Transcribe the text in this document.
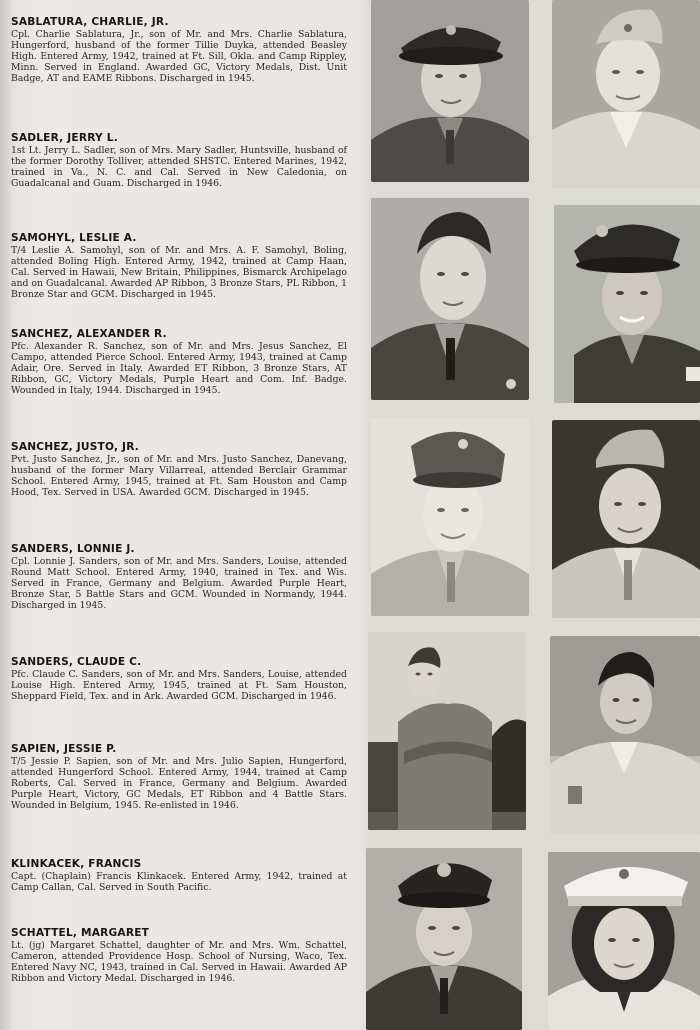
SABLATURA, CHARLIE, JR.

Cpl. Charlie Sablatura, Jr., son of Mr. and Mrs. Charlie Sablatura, Hungerford, husband of the former Tillie Duyka, attended Beasley High. Entered Army, 1942, trained at Ft. Sill, Okla. and Camp Rippley, Minn. Served in England. Awarded GC, Victory Medals, Dist. Unit Badge, AT and EAME Ribbons. Discharged in 1945.

SADLER, JERRY L.

1st Lt. Jerry L. Sadler, son of Mrs. Mary Sadler, Huntsville, husband of the former Dorothy Tolliver, attended SHSTC. Entered Marines, 1942, trained in Va., N. C. and Cal. Served in New Caledonia, on Guadalcanal and Guam. Discharged in 1946.

SAMOHYL, LESLIE A.

T/4 Leslie A. Samohyl, son of Mr. and Mrs. A. F. Samohyl, Boling, attended Boling High. Entered Army, 1942, trained at Camp Haan, Cal. Served in Hawaii, New Britain, Philippines, Bismarck Archipelago and on Guadalcanal. Awarded AP Ribbon, 3 Bronze Stars, PL Ribbon, 1 Bronze Star and GCM. Discharged in 1945.

SANCHEZ, ALEXANDER R.

Pfc. Alexander R. Sanchez, son of Mr. and Mrs. Jesus Sanchez, El Campo, attended Pierce School. Entered Army, 1943, trained at Camp Adair, Ore. Served in Italy. Awarded ET Ribbon, 3 Bronze Stars, AT Ribbon, GC, Victory Medals, Purple Heart and Com. Inf. Badge. Wounded in Italy, 1944. Discharged in 1945.

SANCHEZ, JUSTO, JR.

Pvt. Justo Sanchez, Jr., son of Mr. and Mrs. Justo Sanchez, Danevang, husband of the former Mary Villarreal, attended Berclair Grammar School. Entered Army, 1945, trained at Ft. Sam Houston and Camp Hood, Tex. Served in USA. Awarded GCM. Discharged in 1945.

SANDERS, LONNIE J.

Cpl. Lonnie J. Sanders, son of Mr. and Mrs. Sanders, Louise, attended Round Matt School. Entered Army, 1940, trained in Tex. and Wis. Served in France, Germany and Belgium. Awarded Purple Heart, Bronze Star, 5 Battle Stars and GCM. Wounded in Normandy, 1944. Discharged in 1945.

SANDERS, CLAUDE C.

Pfc. Claude C. Sanders, son of Mr. and Mrs. Sanders, Louise, attended Louise High. Entered Army, 1945, trained at Ft. Sam Houston, Sheppard Field, Tex. and in Ark. Awarded GCM. Discharged in 1946.

SAPIEN, JESSIE P.

T/5 Jessie P. Sapien, son of Mr. and Mrs. Julio Sapien, Hungerford, attended Hungerford School. Entered Army, 1944, trained at Camp Roberts, Cal. Served in France, Germany and Belgium. Awarded Purple Heart, Victory, GC Medals, ET Ribbon and 4 Battle Stars. Wounded in Belgium, 1945. Re-enlisted in 1946.

KLINKACEK, FRANCIS

Capt. (Chaplain) Francis Klinkacek. Entered Army, 1942, trained at Camp Callan, Cal. Served in South Pacific.

SCHATTEL, MARGARET

Lt. (jg) Margaret Schattel, daughter of Mr. and Mrs. Wm. Schattel, Cameron, attended Providence Hosp. School of Nursing, Waco, Tex. Entered Navy NC, 1943, trained in Cal. Served in Hawaii. Awarded AP Ribbon and Victory Medal. Discharged in 1946.
